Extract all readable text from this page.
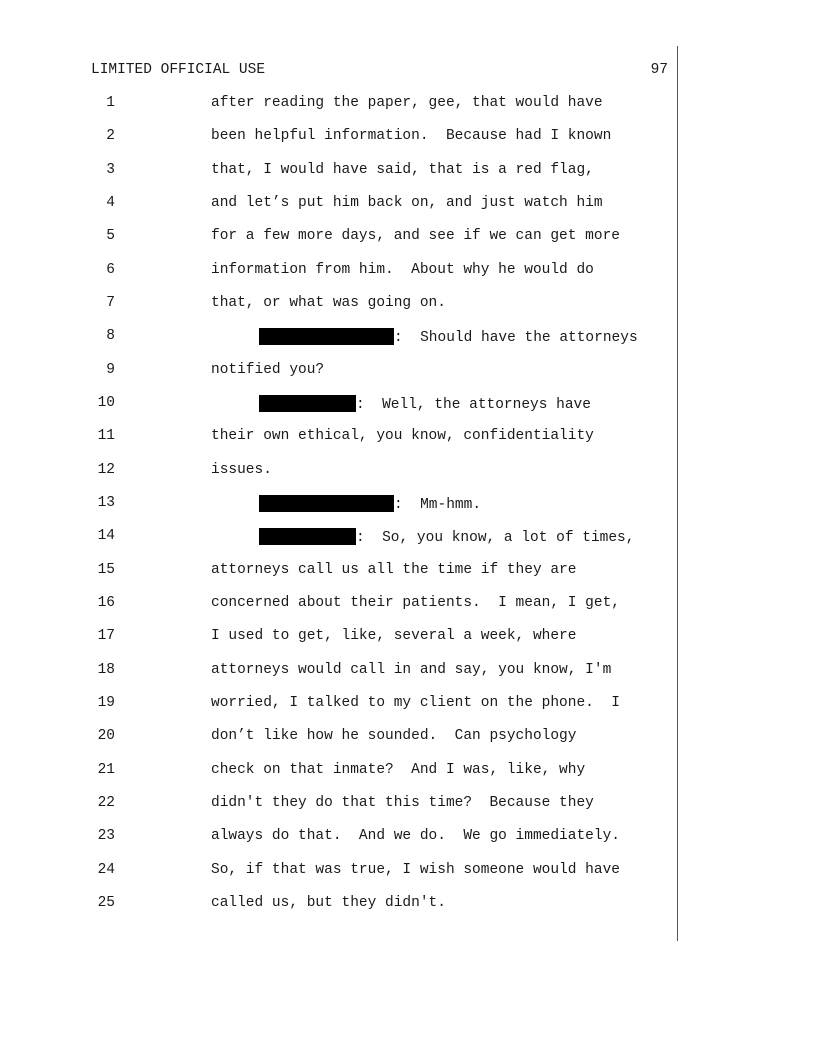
LIMITED OFFICIAL USE	97
1	after reading the paper, gee, that would have
2	been helpful information.  Because had I known
3	that, I would have said, that is a red flag,
4	and let’s put him back on, and just watch him
5	for a few more days, and see if we can get more
6	information from him.  About why he would do
7	that, or what was going on.
8	:  Should have the attorneys
9	notified you?
10	:  Well, the attorneys have
11	their own ethical, you know, confidentiality
12	issues.
13	:  Mm-hmm.
14	:  So, you know, a lot of times,
15	attorneys call us all the time if they are
16	concerned about their patients.  I mean, I get,
17	I used to get, like, several a week, where
18	attorneys would call in and say, you know, I'm
19	worried, I talked to my client on the phone.  I
20	don’t like how he sounded.  Can psychology
21	check on that inmate?  And I was, like, why
22	didn't they do that this time?  Because they
23	always do that.  And we do.  We go immediately.
24	So, if that was true, I wish someone would have
25	called us, but they didn't.
